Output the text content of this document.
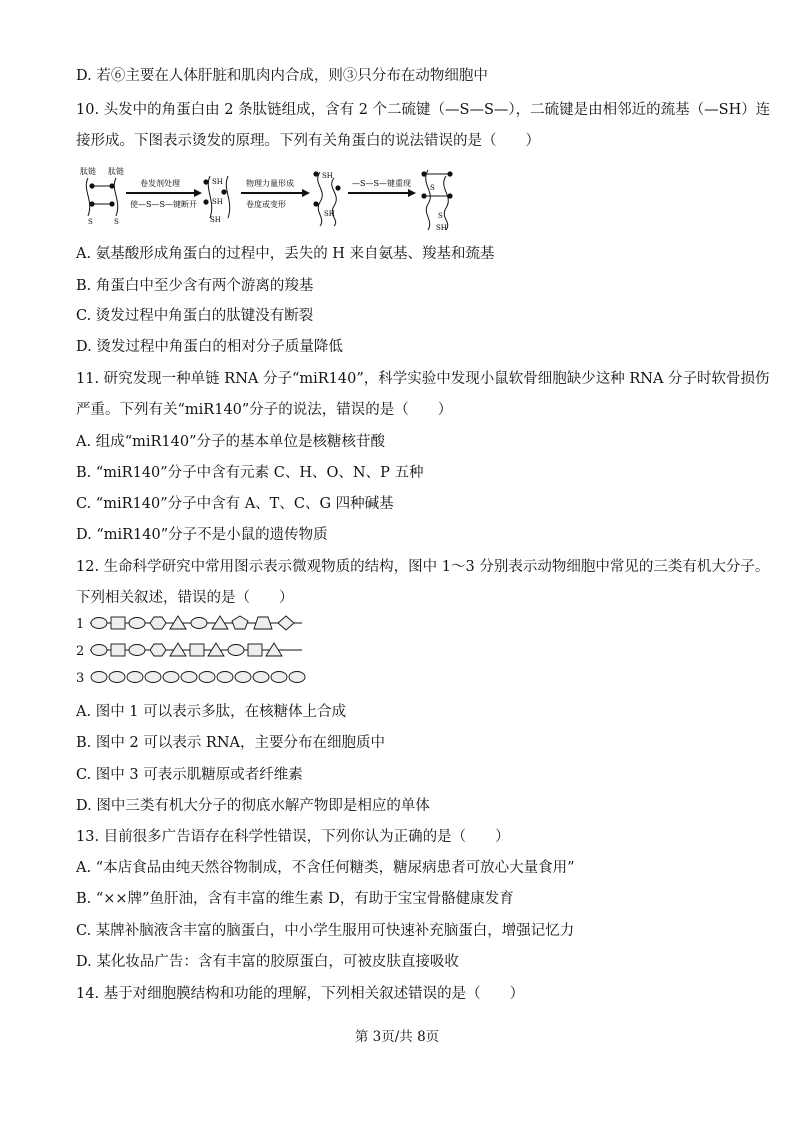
D. 若⑥主要在人体肝脏和肌肉内合成，则③只分布在动物细胞中
10. 头发中的角蛋白由 2 条肽链组成，含有 2 个二硫键（—S—S—），二硫键是由相邻近的巯基（—SH）连
接形成。下图表示烫发的原理。下列有关角蛋白的说法错误的是（　　）
肽链 肽链
S	S
卷发剂处理
使—S—S—键断开
SH
SH
SH
物理力量形成
卷度或变形
SH
SH
—S—S—键重现	S
S
SH
A. 氨基酸形成角蛋白的过程中，丢失的 H 来自氨基、羧基和巯基
B. 角蛋白中至少含有两个游离的羧基
C. 烫发过程中角蛋白的肽键没有断裂
D. 烫发过程中角蛋白的相对分子质量降低
11. 研究发现一种单链 RNA 分子“miR140”，科学实验中发现小鼠软骨细胞缺少这种 RNA 分子时软骨损伤
严重。下列有关“miR140”分子的说法，错误的是（　　）
A. 组成“miR140”分子的基本单位是核糖核苷酸
B. “miR140”分子中含有元素 C、H、O、N、P 五种
C. “miR140”分子中含有 A、T、C、G 四种碱基
D. “miR140”分子不是小鼠的遗传物质
12. 生命科学研究中常用图示表示微观物质的结构，图中 1～3 分别表示动物细胞中常见的三类有机大分子。
下列相关叙述，错误的是（　　）
1
2
3
A. 图中 1 可以表示多肽，在核糖体上合成
B. 图中 2 可以表示 RNA，主要分布在细胞质中
C. 图中 3 可表示肌糖原或者纤维素
D. 图中三类有机大分子的彻底水解产物即是相应的单体
13. 目前很多广告语存在科学性错误，下列你认为正确的是（　　）
A. “本店食品由纯天然谷物制成，不含任何糖类，糖尿病患者可放心大量食用”
B. “××牌”鱼肝油，含有丰富的维生素 D，有助于宝宝骨骼健康发育
C. 某牌补脑液含丰富的脑蛋白，中小学生服用可快速补充脑蛋白，增强记忆力
D. 某化妆品广告：含有丰富的胶原蛋白，可被皮肤直接吸收
14. 基于对细胞膜结构和功能的理解，下列相关叙述错误的是（　　）
第 3页/共 8页
